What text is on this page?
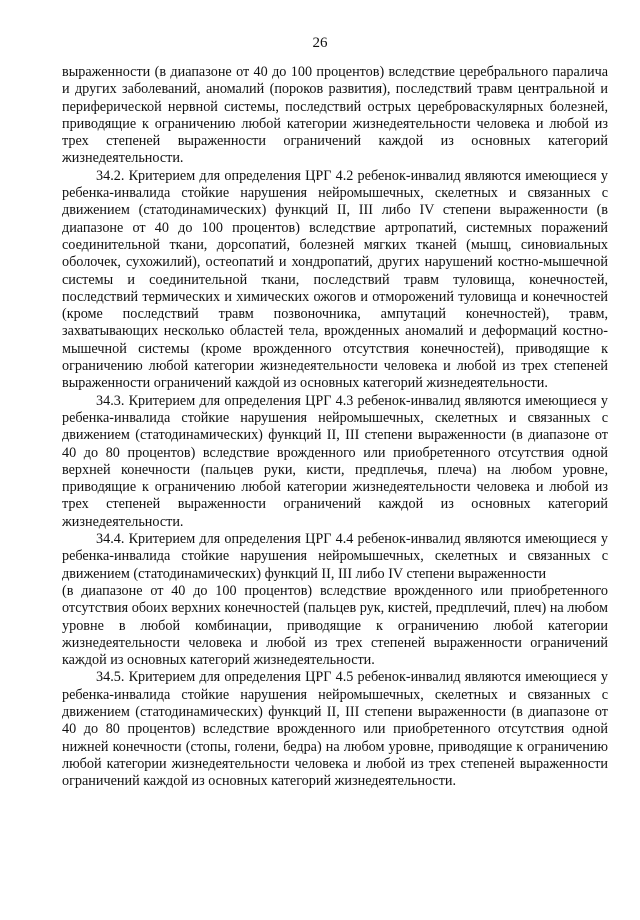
26

выраженности (в диапазоне от 40 до 100 процентов) вследствие церебрального паралича и других заболеваний, аномалий (пороков развития), последствий травм центральной и периферической нервной системы, последствий острых цереброваскулярных болезней, приводящие к ограничению любой категории жизнедеятельности человека и любой из трех степеней выраженности ограничений каждой из основных категорий жизнедеятельности.

34.2. Критерием для определения ЦРГ 4.2 ребенок-инвалид являются имеющиеся у ребенка-инвалида стойкие нарушения нейромышечных, скелетных и связанных с движением (статодинамических) функций II, III либо IV степени выраженности (в диапазоне от 40 до 100 процентов) вследствие артропатий, системных поражений соединительной ткани, дорсопатий, болезней мягких тканей (мышц, синовиальных оболочек, сухожилий), остеопатий и хондропатий, других нарушений костно-мышечной системы и соединительной ткани, последствий травм туловища, конечностей, последствий термических и химических ожогов и отморожений туловища и конечностей (кроме последствий травм позвоночника, ампутаций конечностей), травм, захватывающих несколько областей тела, врожденных аномалий и деформаций костно-мышечной системы (кроме врожденного отсутствия конечностей), приводящие к ограничению любой категории жизнедеятельности человека и любой из трех степеней выраженности ограничений каждой из основных категорий жизнедеятельности.

34.3. Критерием для определения ЦРГ 4.3 ребенок-инвалид являются имеющиеся у ребенка-инвалида стойкие нарушения нейромышечных, скелетных и связанных с движением (статодинамических) функций II, III степени выраженности (в диапазоне от 40 до 80 процентов) вследствие врожденного или приобретенного отсутствия одной верхней конечности (пальцев руки, кисти, предплечья, плеча) на любом уровне, приводящие к ограничению любой категории жизнедеятельности человека и любой из трех степеней выраженности ограничений каждой из основных категорий жизнедеятельности.

34.4. Критерием для определения ЦРГ 4.4 ребенок-инвалид являются имеющиеся у ребенка-инвалида стойкие нарушения нейромышечных, скелетных и связанных с движением (статодинамических) функций II, III либо IV степени выраженности

(в диапазоне от 40 до 100 процентов) вследствие врожденного или приобретенного отсутствия обоих верхних конечностей (пальцев рук, кистей, предплечий, плеч) на любом уровне в любой комбинации, приводящие к ограничению любой категории жизнедеятельности человека и любой из трех степеней выраженности ограничений каждой из основных категорий жизнедеятельности.

34.5. Критерием для определения ЦРГ 4.5 ребенок-инвалид являются имеющиеся у ребенка-инвалида стойкие нарушения нейромышечных, скелетных и связанных с движением (статодинамических) функций II, III степени выраженности (в диапазоне от 40 до 80 процентов) вследствие врожденного или приобретенного отсутствия одной нижней конечности (стопы, голени, бедра) на любом уровне, приводящие к ограничению любой категории жизнедеятельности человека и любой из трех степеней выраженности ограничений каждой из основных категорий жизнедеятельности.
